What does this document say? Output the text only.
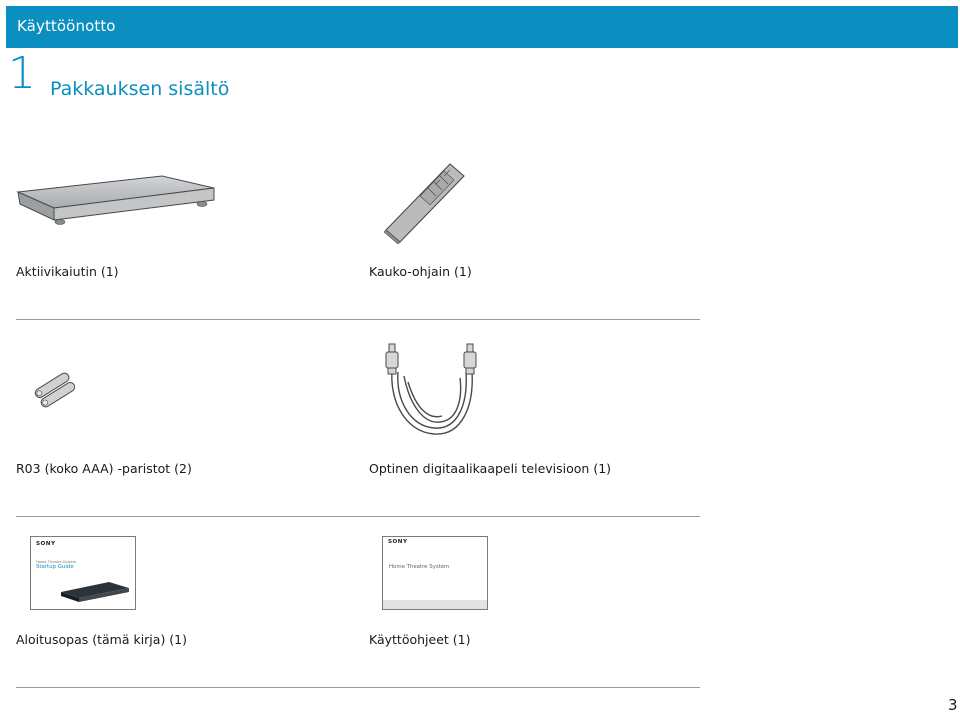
Käyttöönotto
1 Pakkauksen sisältö
Aktiivikaiutin (1)	Kauko-ohjain (1)
R03 (koko AAA) -paristot (2)	Optinen digitaalikaapeli televisioon (1)
SONY
Home Theatre System
Startup Guide
Aloitusopas (tämä kirja) (1)
SONY
Home Theatre System
Käyttöohjeet (1)
3
